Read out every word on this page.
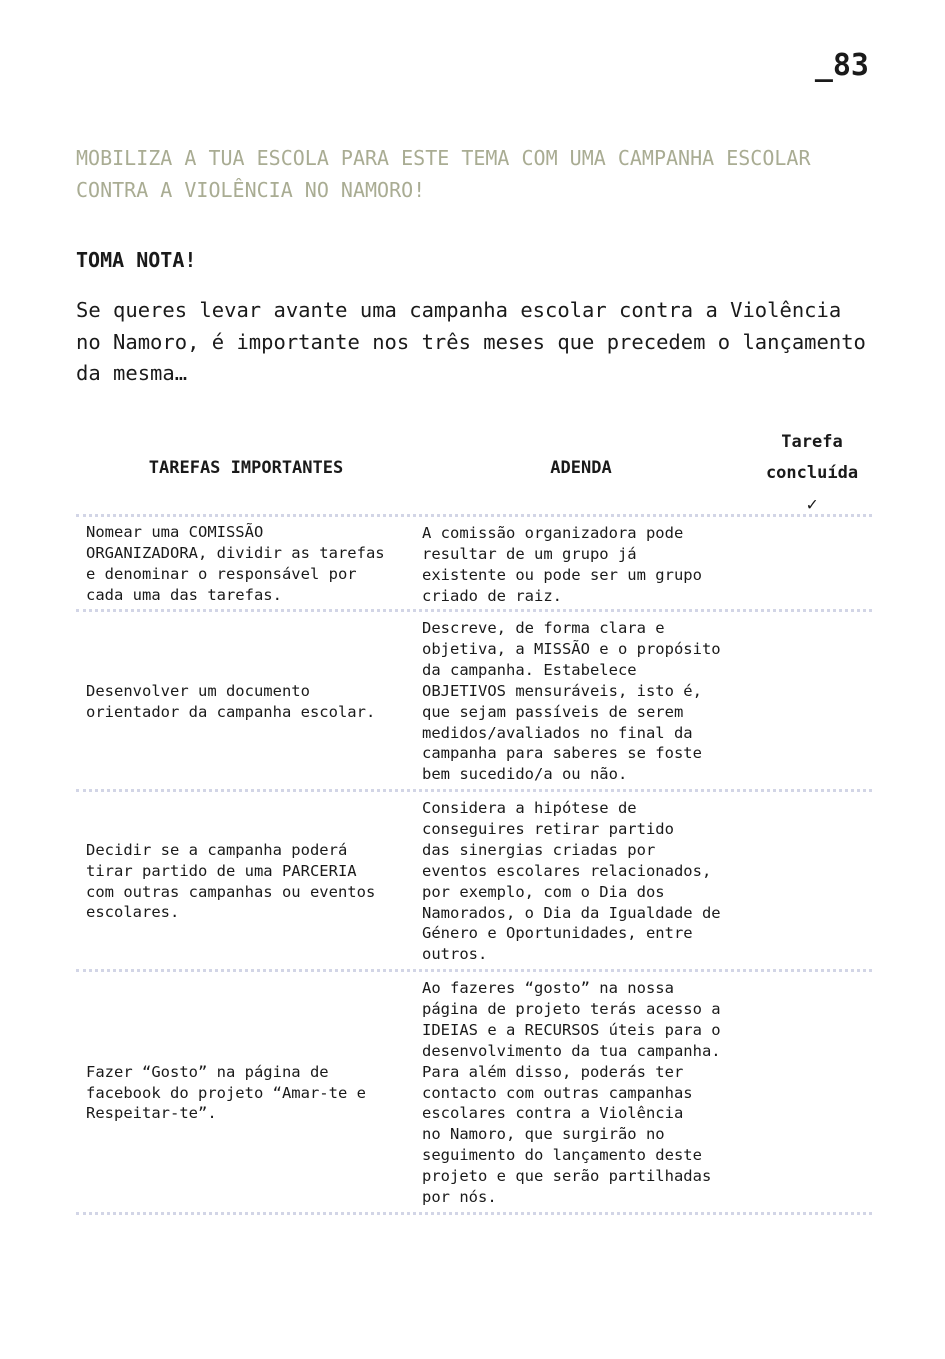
_83
MOBILIZA A TUA ESCOLA PARA ESTE TEMA COM UMA CAMPANHA ESCOLAR CONTRA A VIOLÊNCIA NO NAMORO!
TOMA NOTA!

Se queres levar avante uma campanha escolar contra a Violência no Namoro, é importante nos três meses que precedem o lançamento da mesma…

TAREFAS IMPORTANTES	ADENDA
Tarefa concluída
✓
Nomear uma COMISSÃO
ORGANIZADORA, dividir as tarefas
e denominar o responsável por
cada uma das tarefas.
A comissão organizadora pode
resultar de um grupo já
existente ou pode ser um grupo
criado de raiz.
Desenvolver um documento
orientador da campanha escolar.
Descreve, de forma clara e
objetiva, a MISSÃO e o propósito
da campanha. Estabelece
OBJETIVOS mensuráveis, isto é,
que sejam passíveis de serem
medidos/avaliados no final da
campanha para saberes se foste
bem sucedido/a ou não.
Decidir se a campanha poderá
tirar partido de uma PARCERIA
com outras campanhas ou eventos
escolares.
Considera a hipótese de
conseguires retirar partido
das sinergias criadas por
eventos escolares relacionados,
por exemplo, com o Dia dos
Namorados, o Dia da Igualdade de
Género e Oportunidades, entre
outros.
Fazer “Gosto” na página de
facebook do projeto “Amar-te e
Respeitar-te”.
Ao fazeres “gosto” na nossa
página de projeto terás acesso a
IDEIAS e a RECURSOS úteis para o
desenvolvimento da tua campanha.
Para além disso, poderás ter
contacto com outras campanhas
escolares contra a Violência
no Namoro, que surgirão no
seguimento do lançamento deste
projeto e que serão partilhadas
por nós.
